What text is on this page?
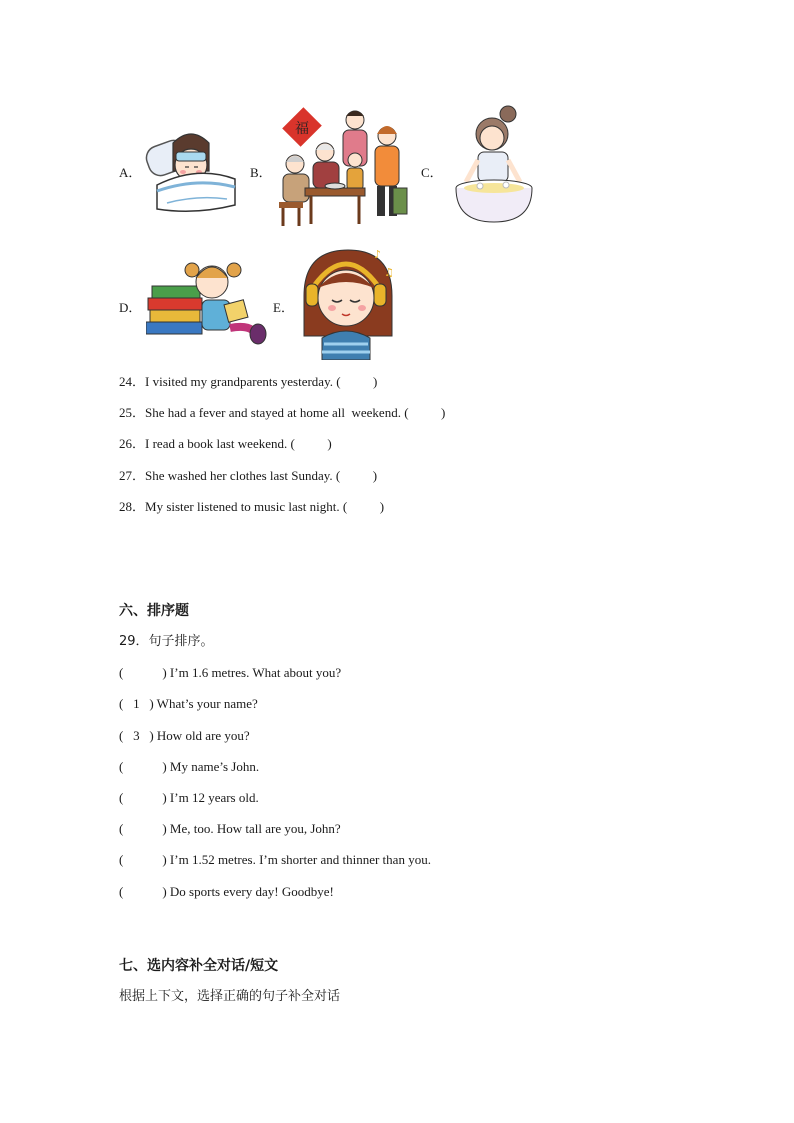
A．	B．
福
C．
D．	E．
♪
♫
24．I visited my grandparents yesterday. (          )
25．She had a fever and stayed at home all  weekend. (          )
26．I read a book last weekend. (          )
27．She washed her clothes last Sunday. (          )
28．My sister listened to music last night. (          )
六、排序题
29．句子排序。
(            ) I’m 1.6 metres. What about you?
(   1   ) What’s your name?
(   3   ) How old are you?
(            ) My name’s John.
(            ) I’m 12 years old.
(            ) Me, too. How tall are you, John?
(            ) I’m 1.52 metres. I’m shorter and thinner than you.
(            ) Do sports every day! Goodbye!
七、选内容补全对话/短文
根据上下文，选择正确的句子补全对话
